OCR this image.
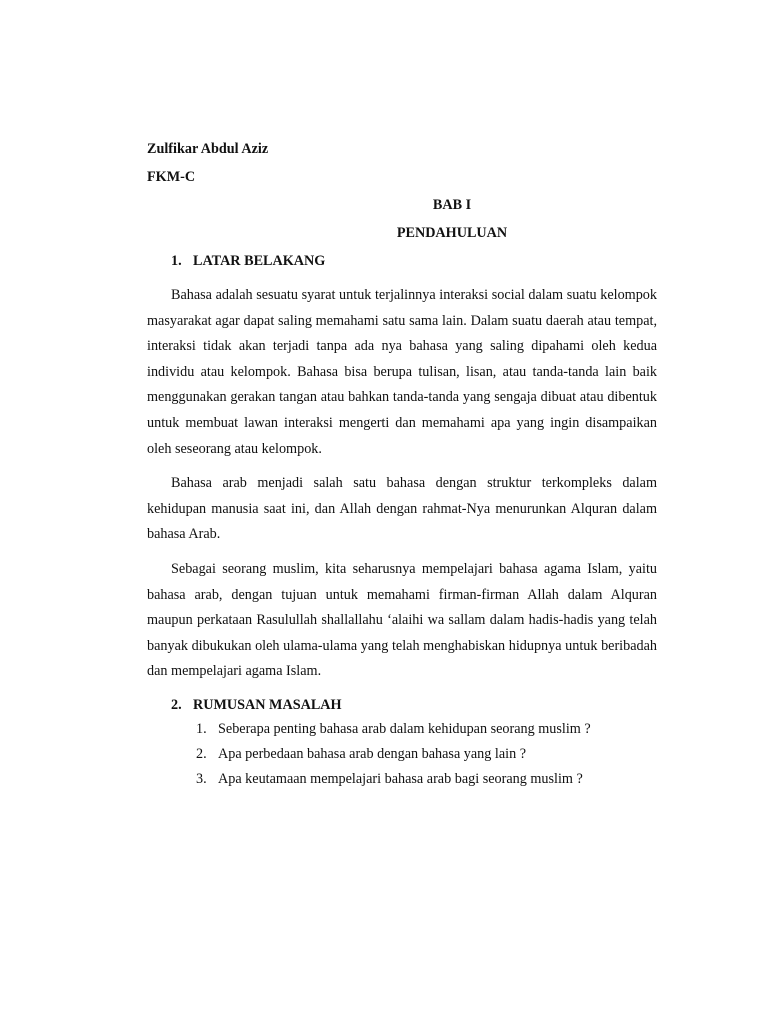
Zulfikar Abdul Aziz

FKM-C

BAB I

PENDAHULUAN

1. LATAR BELAKANG

Bahasa adalah sesuatu syarat untuk terjalinnya interaksi social dalam suatu kelompok masyarakat agar dapat saling memahami satu sama lain. Dalam suatu daerah atau tempat, interaksi tidak akan terjadi tanpa ada nya bahasa yang saling dipahami oleh kedua individu atau kelompok. Bahasa bisa berupa tulisan, lisan, atau tanda-tanda lain baik menggunakan gerakan tangan atau bahkan tanda-tanda yang sengaja dibuat atau dibentuk untuk membuat lawan interaksi mengerti dan memahami apa yang ingin disampaikan oleh seseorang atau kelompok.

Bahasa arab menjadi salah satu bahasa dengan struktur terkompleks dalam kehidupan manusia saat ini, dan Allah dengan rahmat-Nya menurunkan Alquran dalam bahasa Arab.

Sebagai seorang muslim, kita seharusnya mempelajari bahasa agama Islam, yaitu bahasa arab, dengan tujuan untuk memahami firman-firman Allah dalam Alquran maupun perkataan Rasulullah shallallahu ‘alaihi wa sallam dalam hadis-hadis yang telah banyak dibukukan oleh ulama-ulama yang telah menghabiskan hidupnya untuk beribadah dan mempelajari agama Islam.

2. RUMUSAN MASALAH

1. Seberapa penting bahasa arab dalam kehidupan seorang muslim ?
2. Apa perbedaan bahasa arab dengan bahasa yang lain ?
3. Apa keutamaan mempelajari bahasa arab bagi seorang muslim ?
